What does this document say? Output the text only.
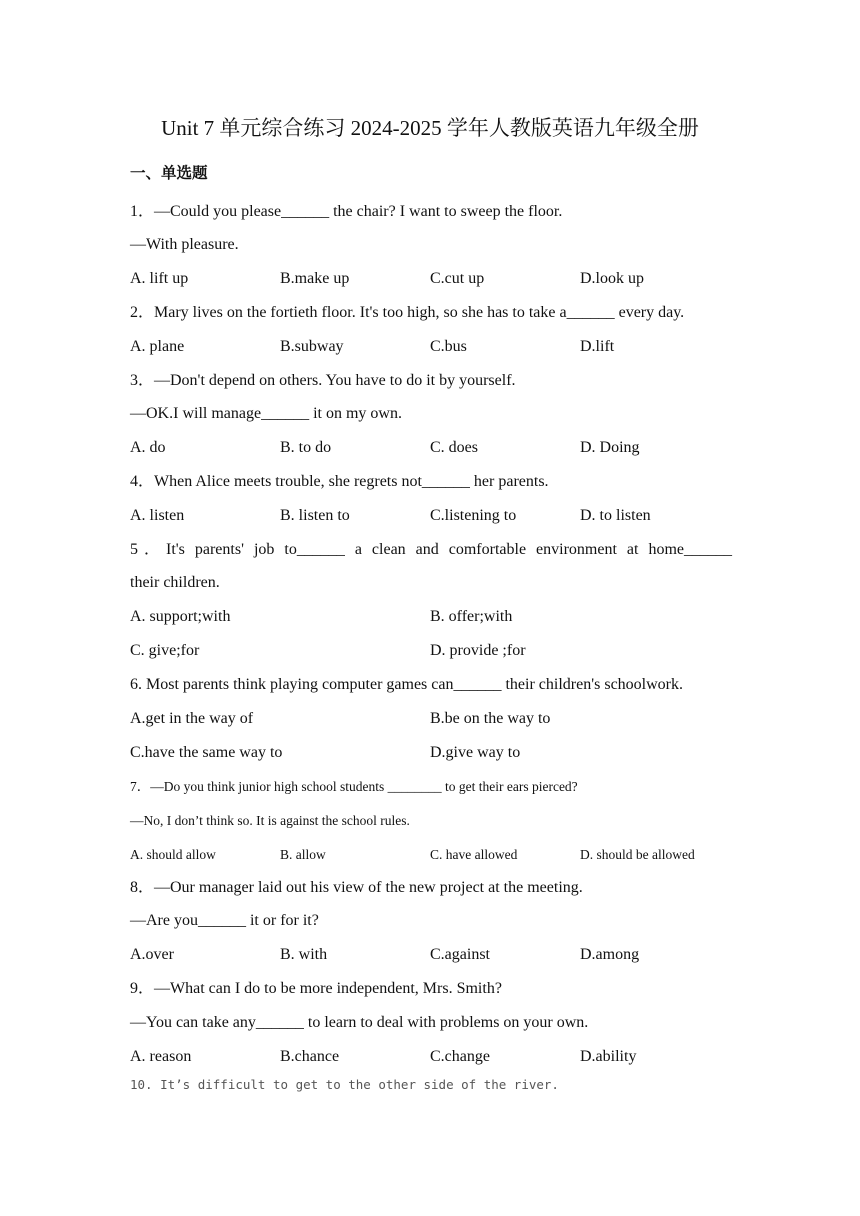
Unit 7 单元综合练习 2024-2025 学年人教版英语九年级全册
一、单选题
1．—Could you please______ the chair? I want to sweep the floor.
—With pleasure.
A. lift up	B.make up	C.cut up	D.look up
2．Mary lives on the fortieth floor. It's too high, so she has to take a______ every day.
A. plane	B.subway	C.bus	D.lift
3．—Don't depend on others. You have to do it by yourself.
—OK.I will manage______ it on my own.
A. do	B. to do	C. does	D. Doing
4．When Alice meets trouble, she regrets not______ her parents.
A. listen	B. listen to	C.listening to	D. to listen
5．It's parents' job to______ a clean and comfortable environment at home______
their children.
A. support;with	B. offer;with
C. give;for	D. provide ;for
6. Most parents think playing computer games can______ their children's schoolwork.
A.get in the way of	B.be on the way to
C.have the same way to	D.give way to
7．—Do you think junior high school students ________ to get their ears pierced?
—No, I don’t think so. It is against the school rules.
A. should allow	B. allow	C. have allowed	D. should be allowed
8．—Our manager laid out his view of the new project at the meeting.
—Are you______ it or for it?
A.over	B. with	C.against	D.among
9．—What can I do to be more independent, Mrs. Smith?
—You can take any______ to learn to deal with problems on your own.
A. reason	B.chance	C.change	D.ability
10. It’s difficult to get to the other side of the river.
